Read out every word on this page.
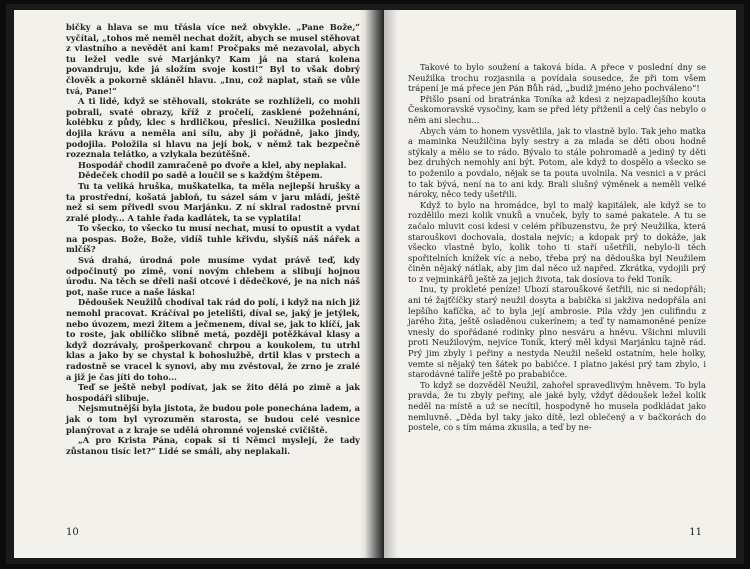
bičky a hlava se mu třásla více než obvykle. „Pane Bože,“ vyčítal, „tohos mě neměl nechat dožít, abych se musel stěhovat z vlastního a nevědět ani kam! Pročpaks mě nezavolal, abych tu ležel vedle své Marjánky? Kam já na stará kolena povandruju, kde já složím svoje kosti!“ Byl to však dobrý člověk a pokorně skláněl hlavu. „Inu, což naplat, staň se vůle tvá, Pane!“

A ti lidé, když se stěhovali, stokráte se rozhlíželi, co mohli pobrali, svaté obrazy, kříž z pročelí, zasklené požehnání, kolébku z půdy, klec s hrdličkou, přeslici. Neužilka poslední dojila krávu a neměla ani sílu, aby ji pořádně, jako jindy, podojila. Položila si hlavu na její bok, v němž tak bezpečně rozeznala telátko, a vzlykala bezútěšně.

Hospodář chodil zamračeně po dvoře a klel, aby neplakal.

Dědeček chodil po sadě a loučil se s každým štěpem.

Tu ta veliká hruška, muškatelka, ta měla nejlepší hrušky a ta prostřední, košatá jabloň, tu sázel sám v jaru mládí, ještě než si sem přivedl svou Marjánku. Z ní sklral radostně první zralé plody... A tahle řada kadlátek, ta se vyplatila!

To všecko, to všecko tu musí nechat, musí to opustit a vydat na pospas. Bože, Bože, vidíš tuhle křivdu, slyšíš náš nářek a mlčíš?

Svá drahá, úrodná pole musíme vydat právě teď, kdy odpočinutý po zimě, voní novým chlebem a slibují hojnou úrodu. Na těch se dřeli naši otcové i dědečkové, je na nich náš pot, naše ruce a naše láska!

Dědoušek Neužilů chodíval tak rád do polí, i když na nich již nemohl pracovat. Kráčíval po jetelišti, díval se, jaký je jetýlek, nebo úvozem, mezi žitem a ječmenem, díval se, jak to klíčí, jak to roste, jak obilíčko slibně metá, později potěžkával klasy a když dozrávaly, prošperkovanč chrpou a koukolem, tu utrhl klas a jako by se chystal k bohoslužbě, drtil klas v prstech a radostně se vracel k synovi, aby mu zvěstoval, že zrno je zralé a již je čas jíti do toho...

Teď se ještě nebyl podívat, jak se žito dělá po zimě a jak hospodáři slibuje.

Nejsmutnější byla jistota, že budou pole ponechána ladem, a jak o tom byl vyrozuměn starosta, se budou celé vesnice planýrovat a z kraje se udělá ohromné vojenské cvičiště.

„A pro Krista Pána, copak si ti Němci myslejí, že tady zůstanou tisíc let?“ Lidé se smáli, aby neplakali.

10

Takové to bylo soužení a taková bída. A přece v poslední dny se Neužilka trochu rozjasnila a povídala sousedce, že při tom všem trápení je má přece jen Pán Bůh rád, „budiž jméno jeho pochváleno“!

Přišlo psaní od bratránka Toníka až kdesi z nejzapadlejšího kouta Českomoravské vysočiny, kam se před léty přiženil a celý čas nebylo o něm ani slechu...

Abych vám to honem vysvětlila, jak to vlastně bylo. Tak jeho matka a maminka Neužilčina byly sestry a za mlada se děti obou hodně stýkaly a mělo se to rádo. Bývalo to stále pohromadě a jediný ty děti bez druhých nemohly ani být. Potom, ale když to dospělo a všecko se to poženilo a povdalo, nějak se ta pouta uvolnila. Na vesnici a v práci to tak bývá, není na to ani kdy. Brali slušný výměnek a neměli velké nároky, něco tedy ušetřili.

Když to bylo na hromádce, byl to malý kapitálek, ale když se to rozdělilo mezi kolik vnuků a vnuček, byly to samé pakatele. A tu se začalo mluvit cosi kdesi v celém příbuzenstvu, že prý Neužilka, která starouškovi dochovala, dostala nejvíc; a kdopak prý to dokáže, jak všecko vlastně bylo, kolik toho ti staří ušetřili, nebylo-li těch spořitelních knížek víc a nebo, třeba prý na dědouška byl Neužilem činěn nějaký nátlak, aby jim dal něco už napřed. Zkrátka, vydojili prý to z vejminkářů ještě za jejich života, tak dosíova to řekl Toník.

Inu, ty prokleté peníze! Ubozí starouškové šetřili, nic si nedopřáli; ani té žajťčíčky starý neužil dosyta a babička si jakživa nedopřála ani lepšího kafíčka, ač to byla její ambrosie. Pila vždy jen culifindu z jarého žita, ještě osladěnou cukerínem; a teď ty namamoněné peníze vnesly do spořádané rodinky plno nesváru a hněvu. Všichni mluvili proti Neužilovým, nejvíce Toník, který měl kdysi Marjánku tajně rád. Prý jim zbyly i peřiny a nestyda Neužil nešekl ostatním, hele holky, vemte si nějaký ten šátek po babičce. I platno jakési prý tam zbylo, i starodávné talíře ještě po prababičce.

To když se dozvěděl Neužil, zahořel spravedlivým hněvem. To byla pravda, že tu zbyly peřiny, ale jaké byly, vždyť dědoušek ležel kolik neděl na místě a už se necítil, hospodyně ho musela podkládat jako nemluvně. „Děda byl taky jako dítě, lezl oblečený a v bačkorách do postele, co s tím máma zkusila, a teď by ne-

11
